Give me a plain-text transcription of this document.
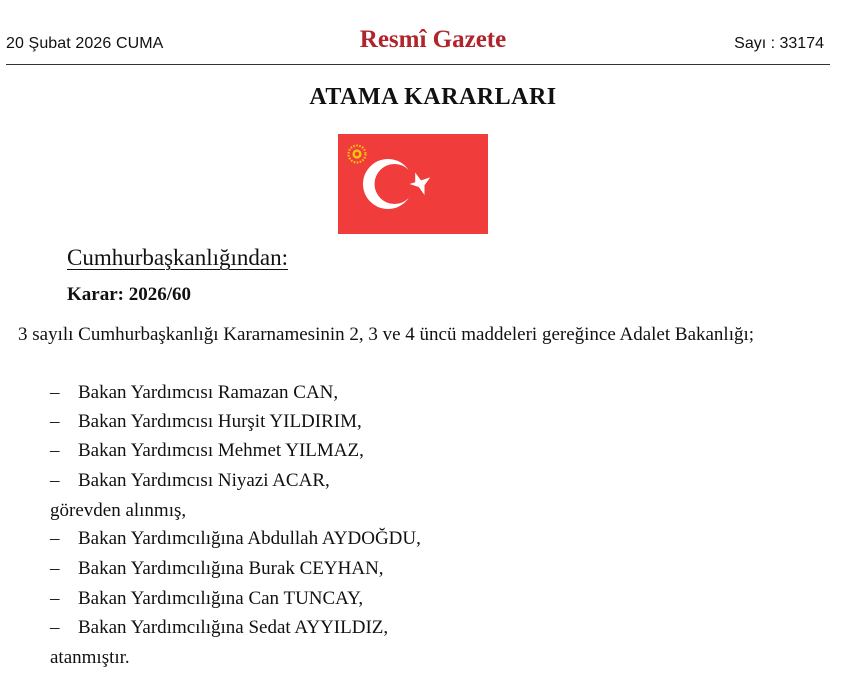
20 Şubat 2026 CUMA	Resmî Gazete	Sayı : 33174
ATAMA KARARLARI
Cumhurbaşkanlığından:
Karar: 2026/60
3 sayılı Cumhurbaşkanlığı Kararnamesinin 2, 3 ve 4 üncü maddeleri gereğince Adalet Bakanlığı;
– Bakan Yardımcısı Ramazan CAN,
– Bakan Yardımcısı Hurşit YILDIRIM,
– Bakan Yardımcısı Mehmet YILMAZ,
– Bakan Yardımcısı Niyazi ACAR,
görevden alınmış,
– Bakan Yardımcılığına Abdullah AYDOĞDU,
– Bakan Yardımcılığına Burak CEYHAN,
– Bakan Yardımcılığına Can TUNCAY,
– Bakan Yardımcılığına Sedat AYYILDIZ,
atanmıştır.
